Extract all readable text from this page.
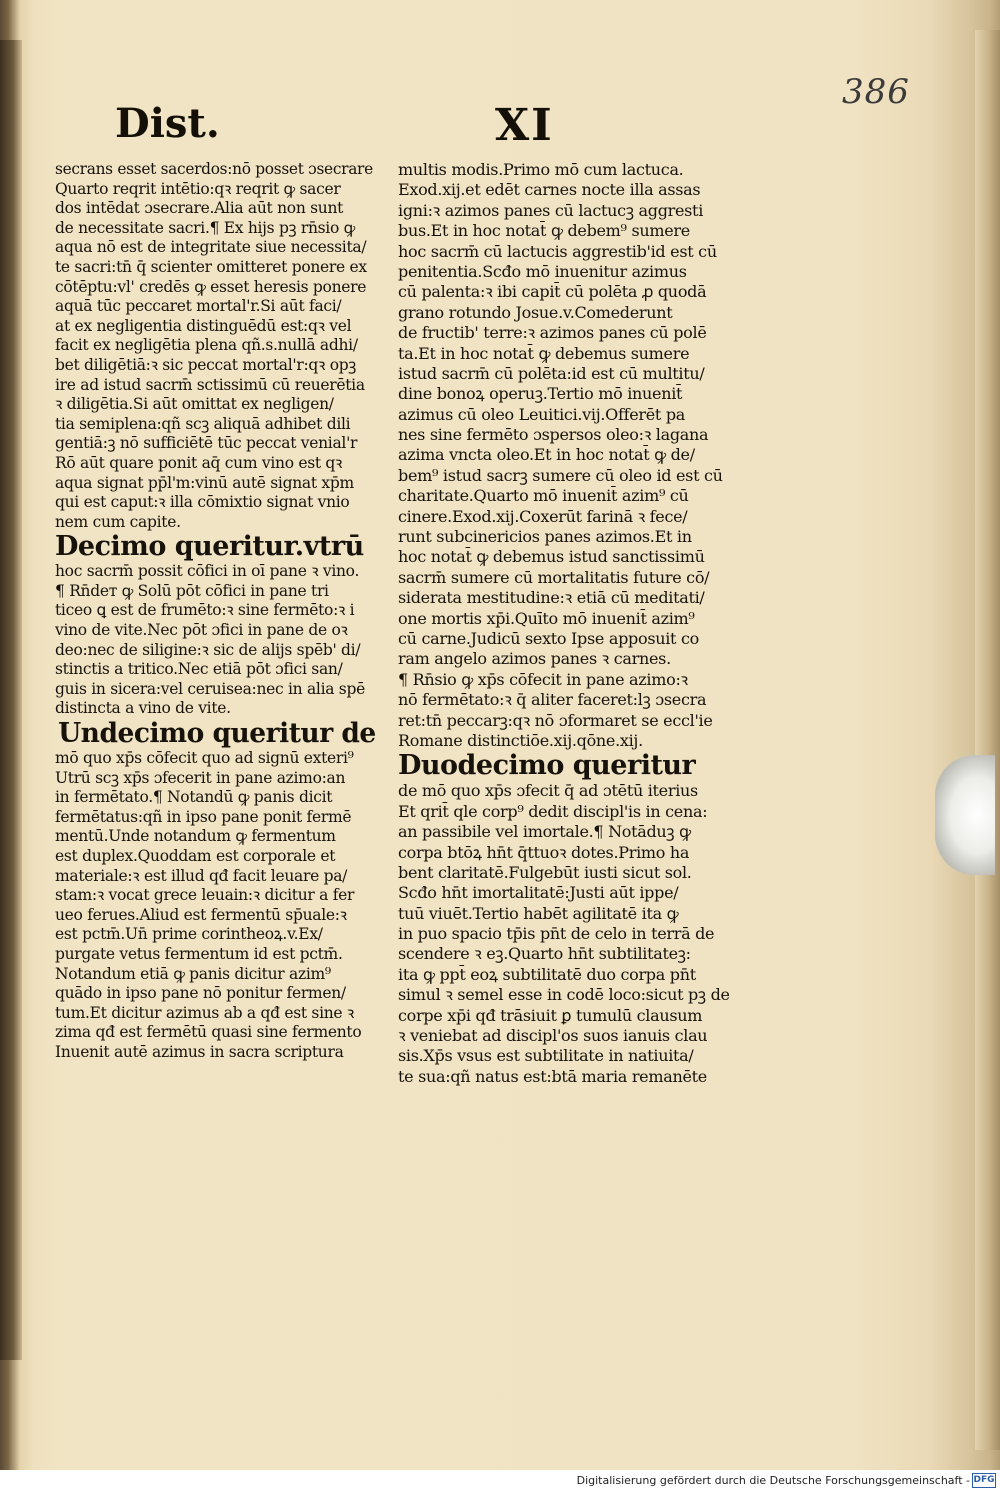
386
Dist.	XI
secrans esset sacerdos:nō posset ɔsecrare
Quarto reqrit̄ intētio:qꝛ reqrit̄ ꝙ sacer
dos intēdat ɔsecrare.Alia aūt non sunt
de necessitate sacri.¶ Ex hijs pꝫ rn̄sio ꝙ
aqua nō est de integritate siue necessita/
te sacri:tn̄ q̄ scienter omitteret ponere ex
cōtēptu:vl' credēs ꝙ esset heresis ponere
aquā tūc peccaret mortal'r.Si aūt faci/
at ex negligentia distinguēdū est:qꝛ vel
facit ex negligētia plena qñ.s.nullā adhi/
bet diligētiā:ꝛ sic peccat mortal'r:qꝛ opꝫ
ire ad istud sacrm̄ sctissimū cū reuerētia
ꝛ diligētia.Si aūt omittat ex negligen/
tia semiplena:qñ scꝫ aliquā adhibet dili
gentiā:ꝫ nō sufficiētē tūc peccat venial'r
Rō aūt quare ponit̄ aq̄ cum vino est qꝛ
aqua signat pp̄l'm:vinū autē signat xp̄m
qui est caput:ꝛ illa cōmixtio signat vnio
nem cum capite.
Decimo queritur.vtrū
hoc sacrm̄ possit cōfici in oī pane ꝛ vino.
¶ Rn̄deт ꝙ Solū pōt cōfici in pane tri
ticeo ꝗ est de frumēto:ꝛ sine fermēto:ꝛ i
vino de vite.Nec pōt ɔfici in pane de oꝛ
deo:nec de siligine:ꝛ sic de alijs spēb' di/
stinctis a tritico.Nec etiā pōt ɔfici san/
guis in sicera:vel ceruisea:nec in alia spē
distincta a vino de vite.
Undecimo queritur de
mō quo xp̄s cōfecit quo ad signū exteri⁹
Utrū scꝫ xp̄s ɔfecerit in pane azimo:an
in fermētato.¶ Notandū ꝙ panis dicit̄
fermētatus:qñ in ipso pane ponit̄ fermē
mentū.Unde notandum ꝙ fermentum
est duplex.Quoddam est corporale et
materiale:ꝛ est illud qđ facit leuare pa/
stam:ꝛ vocat̄ grece leuain:ꝛ dicitur a fer
ueo ferues.Aliud est fermentū sp̄uale:ꝛ
est pctm̄.Un̄ prime corintheoꝝ.v.Ex/
purgate vetus fermentum id est pctm̄.
Notandum etiā ꝙ panis dicitur azim⁹
quādo in ipso pane nō ponitur fermen/
tum.Et dicitur azimus ab a qđ est sine ꝛ
zima qđ est fermētū quasi sine fermento
Inuenit̄ autē azimus in sacra scriptura
multis modis.Primo mō cum lactuca.
Exod.xij.et edēt carnes nocte illa assas
igni:ꝛ azimos panes cū lactucꝫ aggresti
bus.Et in hoc notat̄ ꝙ debem⁹ sumere
hoc sacrm̄ cū lactucis aggrestib'id est cū
penitentia.Scđo mō inuenitur azimus
cū palenta:ꝛ ibi capit̄ cū polēta ꝓ quodā
grano rotundo Josue.v.Comederunt
de fructib' terre:ꝛ azimos panes cū polē
ta.Et in hoc notat̄ ꝙ debemus sumere
istud sacrm̄ cū polēta:id est cū multitu/
dine bonoꝝ operuꝫ.Tertio mō inuenit̄
azimus cū oleo Leuitici.vij.Offerēt pa
nes sine fermēto ɔspersos oleo:ꝛ lagana
azima vncta oleo.Et in hoc notat̄ ꝙ de/
bem⁹ istud sacrꝫ sumere cū oleo id est cū
charitate.Quarto mō inuenit̄ azim⁹ cū
cinere.Exod.xij.Coxerūt farinā ꝛ fece/
runt subcinericios panes azimos.Et in
hoc notat̄ ꝙ debemus istud sanctissimū
sacrm̄ sumere cū mortalitatis future cō/
siderata mestitudine:ꝛ etiā cū meditati/
one mortis xp̄i.Quīto mō inuenit̄ azim⁹
cū carne.Judicū sexto Ipse apposuit co
ram angelo azimos panes ꝛ carnes.
¶ Rn̄sio ꝙ xp̄s cōfecit in pane azimo:ꝛ
nō fermētato:ꝛ q̄ aliter faceret:lꝫ ɔsecra
ret:tn̄ peccarꝫ:qꝛ nō ɔformaret se eccl'ie
Romane distinctiōe.xij.qōne.xij.
Duodecimo queritur
de mō quo xp̄s ɔfecit q̄ ad ɔtētū iterius
Et qrit̄ qle corp⁹ dedit discipl'is in cena:
an passibile vel imortale.¶ Notāduꝫ ꝙ
corpa btōꝝ hn̄t q̄ttuoꝛ dotes.Primo ha
bent claritatē.Fulgebūt iusti sicut sol.
Scđo hn̄t imortalitatē:Justi aūt ippe/
tuū viuēt.Tertio habēt agilitatē ita ꝙ
in puo spacio tp̄is pn̄t de celo in terrā de
scendere ꝛ eꝫ.Quarto hn̄t subtilitateꝫ:
ita ꝙ ppt̄ eoꝝ subtilitatē duo corpa pn̄t
simul ꝛ semel esse in codē loco:sicut pꝫ de
corpe xp̄i qđ trāsiuit ꝑ tumulū clausum
ꝛ veniebat ad discipl'os suos ianuis clau
sis.Xp̄s vsus est subtilitate in natiuita/
te sua:qñ natus est:btā maria remanēte
Digitalisierung gefördert durch die Deutsche Forschungsgemeinschaft - DFG
